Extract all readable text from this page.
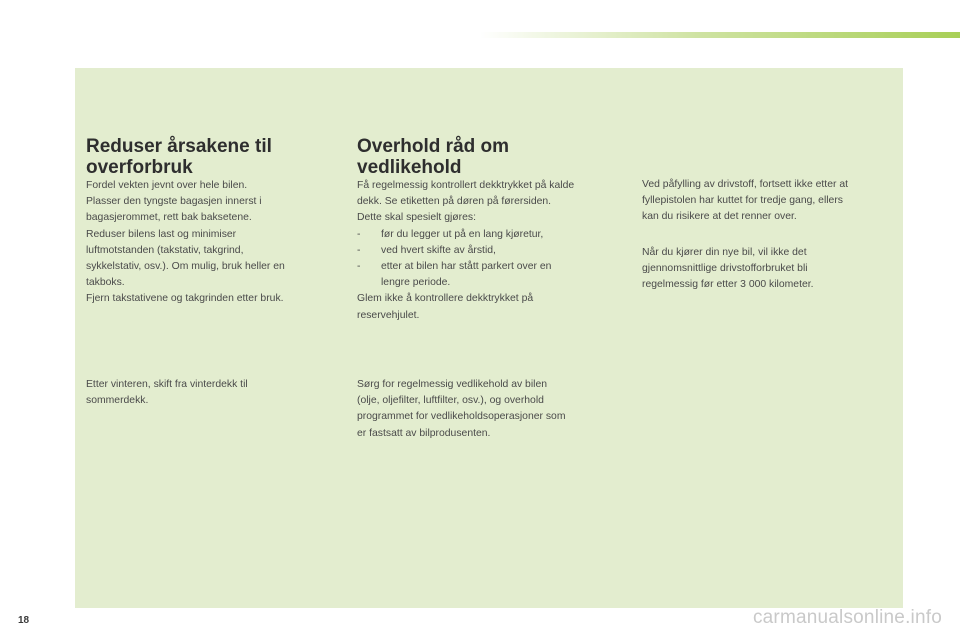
Reduser årsakene til
overforbruk

Fordel vekten jevnt over hele bilen.
Plasser den tyngste bagasjen innerst i
bagasjerommet, rett bak baksetene.
Reduser bilens last og minimiser
luftmotstanden (takstativ, takgrind,
sykkelstativ, osv.). Om mulig, bruk heller en
takboks.
Fjern takstativene og takgrinden etter bruk.

Etter vinteren, skift fra vinterdekk til
sommerdekk.

Overhold råd om
vedlikehold

Få regelmessig kontrollert dekktrykket på kalde
dekk. Se etiketten på døren på førersiden.
Dette skal spesielt gjøres:

- før du legger ut på en lang kjøretur,
- ved hvert skifte av årstid,
- etter at bilen har stått parkert over en
lengre periode.

Glem ikke å kontrollere dekktrykket på
reservehjulet.

Sørg for regelmessig vedlikehold av bilen
(olje, oljefilter, luftfilter, osv.), og overhold
programmet for vedlikeholdsoperasjoner som
er fastsatt av bilprodusenten.

Ved påfylling av drivstoff, fortsett ikke etter at
fyllepistolen har kuttet for tredje gang, ellers
kan du risikere at det renner over.

Når du kjører din nye bil, vil ikke det
gjennomsnittlige drivstofforbruket bli
regelmessig før etter 3 000 kilometer.

18	carmanualsonline.info
